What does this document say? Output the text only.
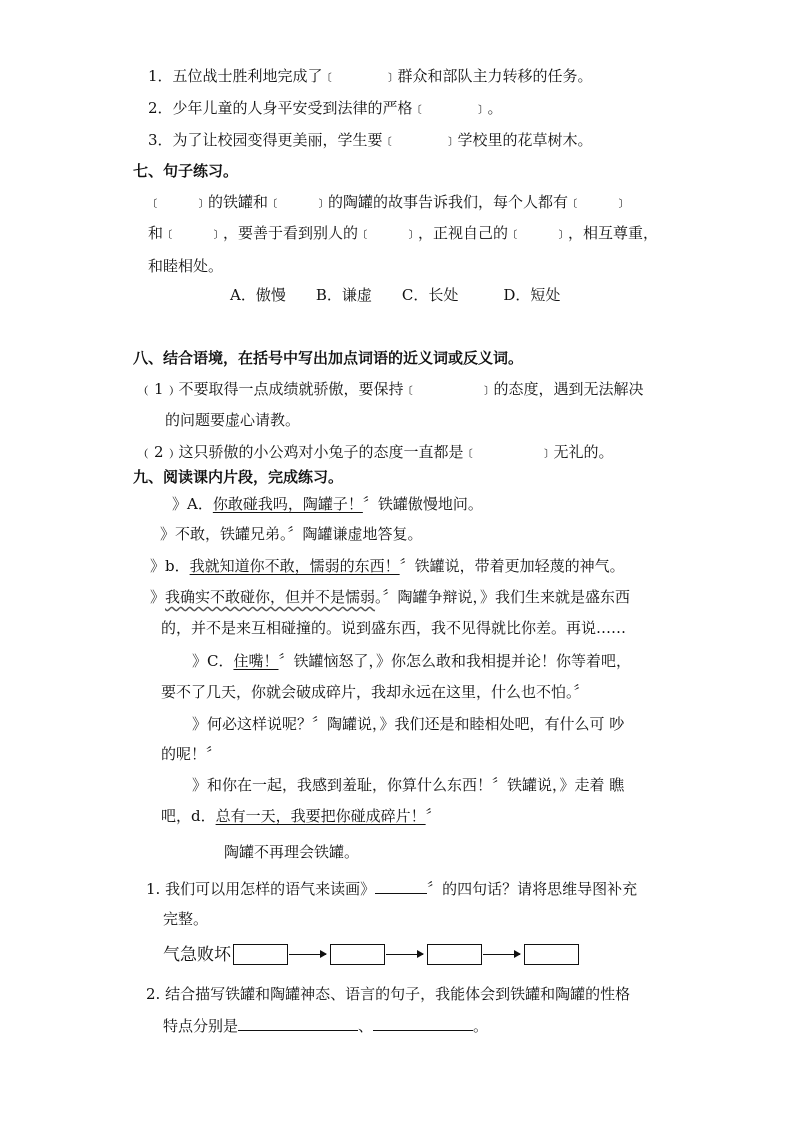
1．五位战士胜利地完成了﹝　　　﹞群众和部队主力转移的任务。
2．少年儿童的人身平安受到法律的严格﹝　　　﹞。
3．为了让校园变得更美丽，学生要﹝　　　﹞学校里的花草树木。
七、句子练习。
﹝　　﹞的铁罐和﹝　　﹞的陶罐的故事告诉我们，每个人都有﹝　　﹞
和﹝　　﹞，要善于看到别人的﹝　　﹞，正视自己的﹝　　﹞，相互尊重，
和睦相处。
A．傲慢　　B．谦虚　　C．长处　　　D．短处
八、结合语境，在括号中写出加点词语的近义词或反义词。
﹙1﹚不要取得一点成绩就骄傲，要保持﹝　　　　﹞的态度，遇到无法解决
的问题要虚心请教。
﹙2﹚这只骄傲的小公鸡对小兔子的态度一直都是﹝　　　　﹞无礼的。
九、阅读课内片段，完成练习。
》A．你敢碰我吗，陶罐子！〞铁罐傲慢地问。
》不敢，铁罐兄弟。〞陶罐谦虚地答复。
》b．我就知道你不敢，懦弱的东西！〞铁罐说，带着更加轻蔑的神气。
》我确实不敢碰你，但并不是懦弱。〞陶罐争辩说，》我们生来就是盛东西
的，并不是来互相碰撞的。说到盛东西，我不见得就比你差。再说……
》C．住嘴！〞铁罐恼怒了，》你怎么敢和我相提并论！你等着吧，
要不了几天，你就会破成碎片，我却永远在这里，什么也不怕。〞
》何必这样说呢？〞陶罐说，》我们还是和睦相处吧，有什么可 吵
的呢！〞
》和你在一起，我感到羞耻，你算什么东西！〞铁罐说，》走着 瞧
吧，d．总有一天，我要把你碰成碎片！〞
陶罐不再理会铁罐。
1. 我们可以用怎样的语气来读画》	〞的四句话？请将思维导图补充
完整。
气急败坏
2. 结合描写铁罐和陶罐神态、语言的句子，我能体会到铁罐和陶罐的性格
特点分别是	、	。
